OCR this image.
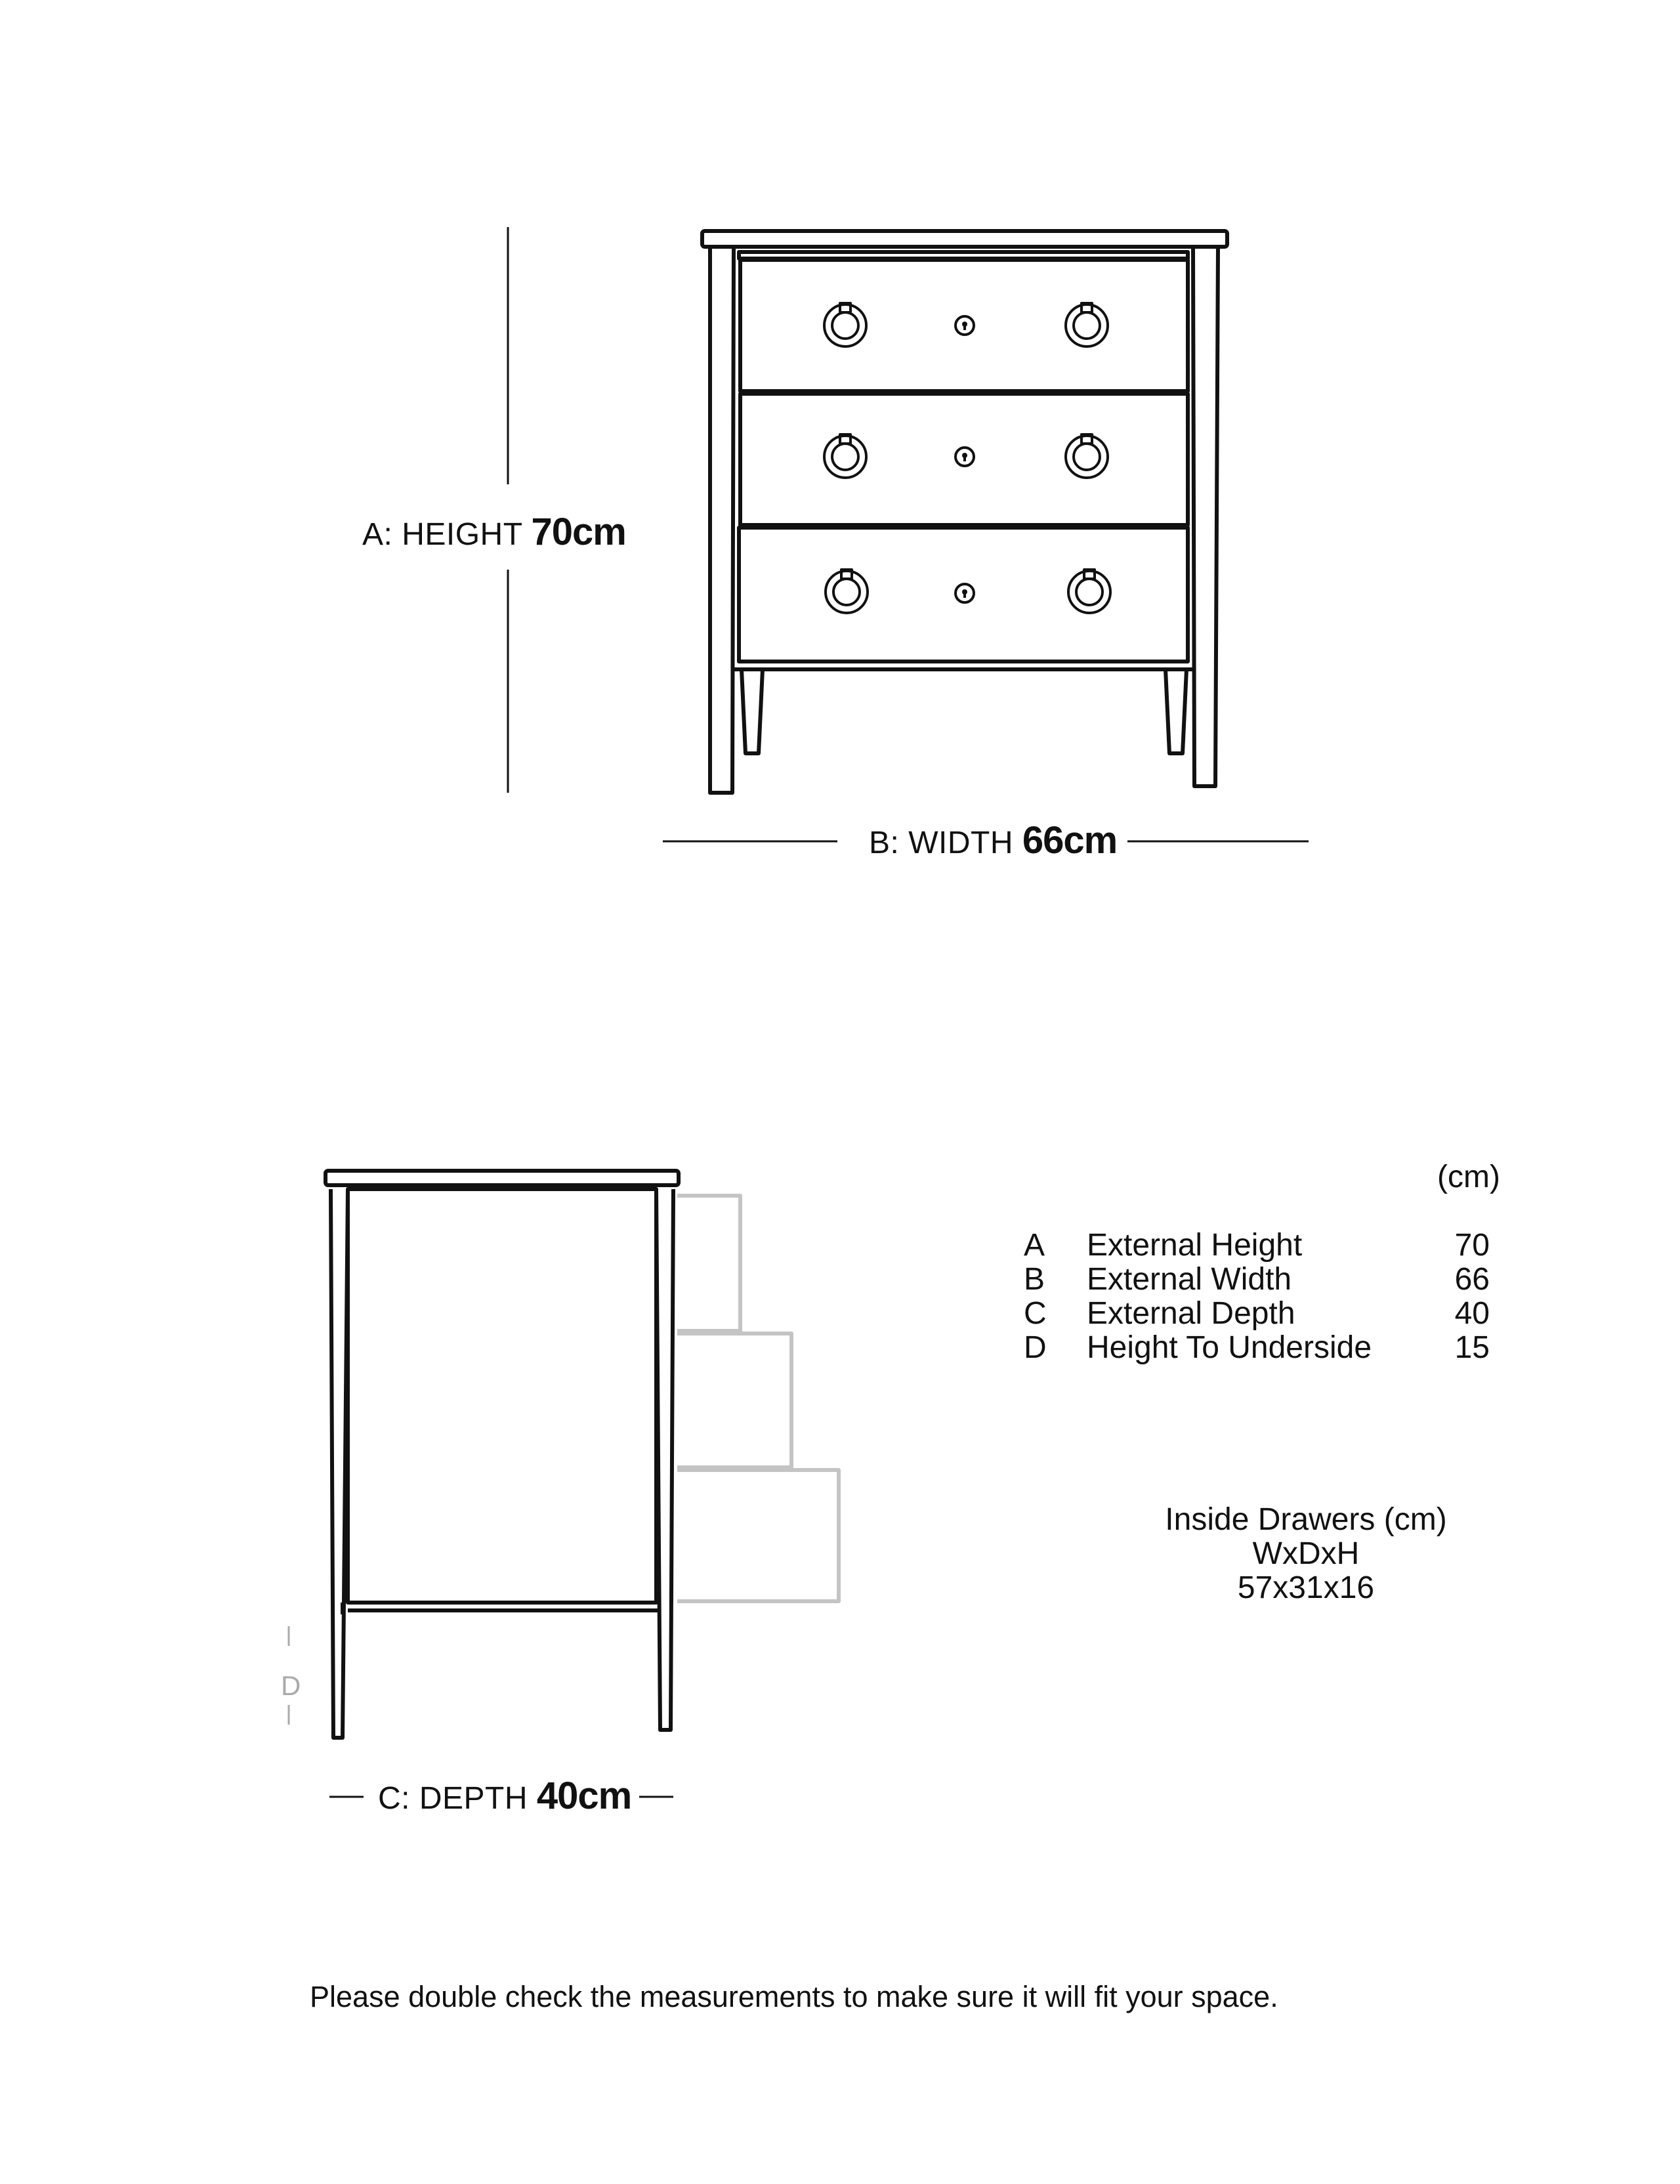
A: HEIGHT 70cm
B: WIDTH 66cm
C: DEPTH 40cm
D
(cm)
A External Height	70
B External Width	66
C External Depth	40
D Height To Underside	15
Inside Drawers (cm)
WxDxH
57x31x16
Please double check the measurements to make sure it will fit your space.
